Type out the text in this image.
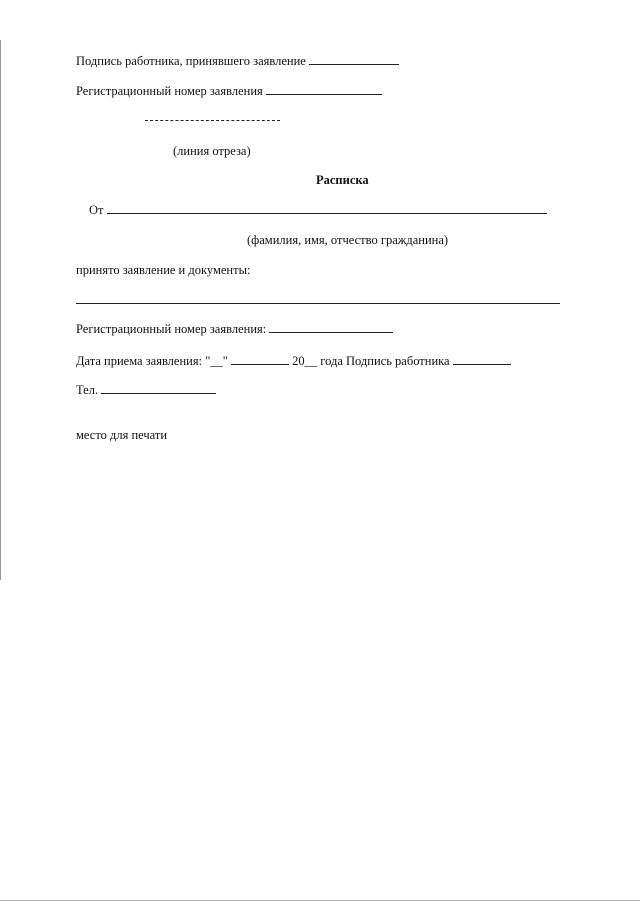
Подпись работника, принявшего заявление
Регистрационный номер заявления
(линия отреза)
Расписка
От
(фамилия, имя, отчество гражданина)
принято заявление и документы:
Регистрационный номер заявления:
Дата приема заявления: "__"	20__ года Подпись работника
Тел.
место для печати
